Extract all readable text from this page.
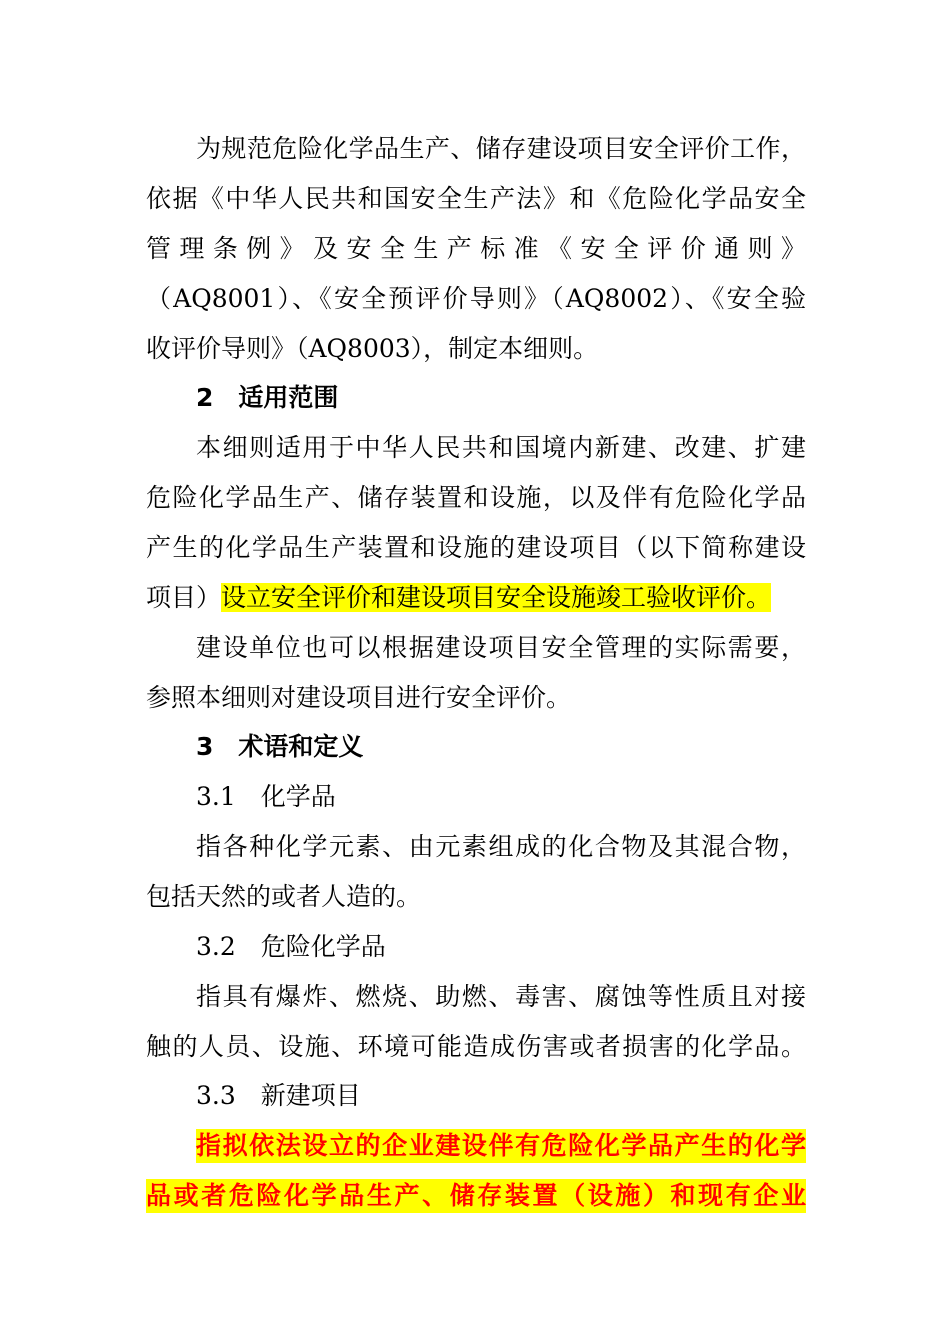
为规范危险化学品生产、储存建设项目安全评价工作，
依据《中华人民共和国安全生产法》和《危险化学品安全
管理条例》及安全生产标准《安全评价通则》
（AQ8001）、《安全预评价导则》（AQ8002）、《安全验
收评价导则》（AQ8003），制定本细则。
2　适用范围
本细则适用于中华人民共和国境内新建、改建、扩建
危险化学品生产、储存装置和设施，以及伴有危险化学品
产生的化学品生产装置和设施的建设项目（以下简称建设
项目）设立安全评价和建设项目安全设施竣工验收评价。
建设单位也可以根据建设项目安全管理的实际需要，
参照本细则对建设项目进行安全评价。
3　术语和定义
3.1　化学品
指各种化学元素、由元素组成的化合物及其混合物，
包括天然的或者人造的。
3.2　危险化学品
指具有爆炸、燃烧、助燃、毒害、腐蚀等性质且对接
触的人员、设施、环境可能造成伤害或者损害的化学品。
3.3　新建项目
指拟依法设立的企业建设伴有危险化学品产生的化学
品或者危险化学品生产、储存装置（设施）和现有企业
